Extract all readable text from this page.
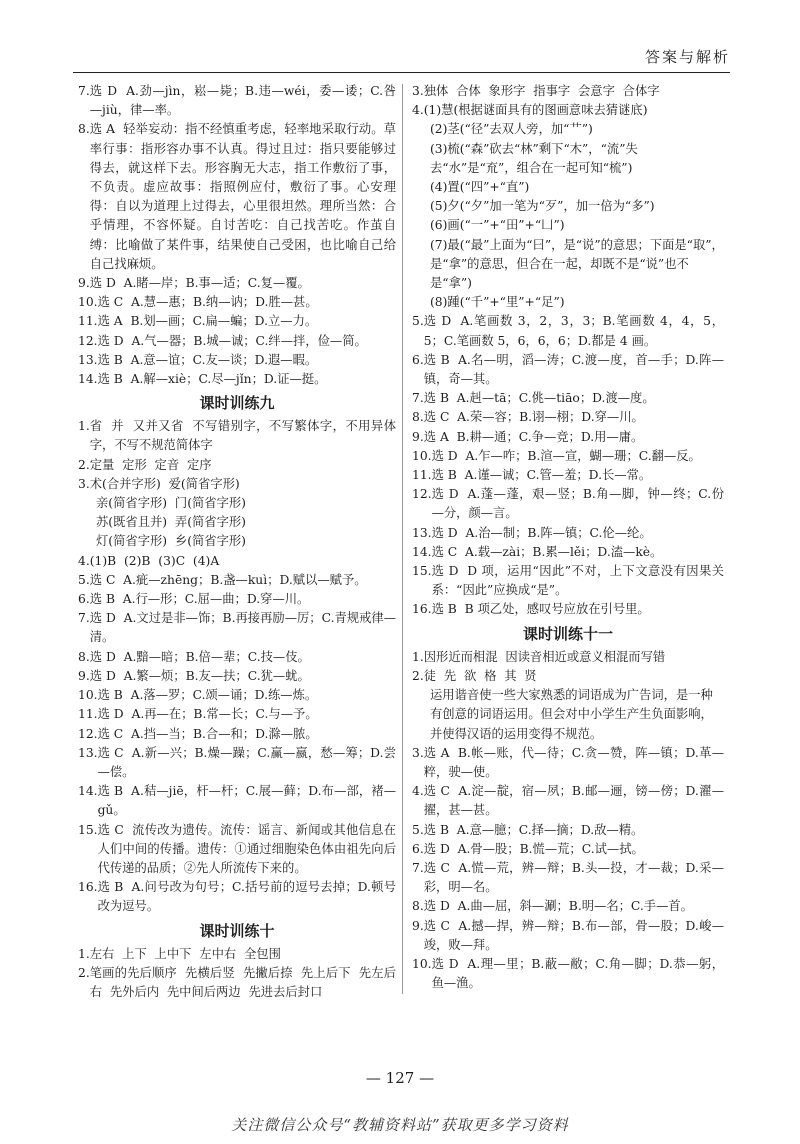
答案与解析
7. 选 D  A.劲—jìn，崧—毙；B.违—wéi，委—诿；C.咎—jiù，律—率。
8. 选 A  轻举妄动：指不经慎重考虑，轻率地采取行动。草率行事：指形容办事不认真。得过且过：指只要能够过得去，就这样下去。形容胸无大志，指工作敷衍了事，不负责。虚应故事：指照例应付，敷衍了事。心安理得：自以为道理上过得去，心里很坦然。理所当然：合乎情理，不容怀疑。自讨苦吃：自己找苦吃。作茧自缚：比喻做了某件事，结果使自己受困，也比喻自己给自己找麻烦。
9. 选 D  A.睹—岸；B.事—适；C.复—覆。
10. 选 C  A.慧—惠；B.纳—讷；D.胜—甚。
11. 选 A  B.划—画；C.扁—蝙；D.立—力。
12. 选 D  A.气—器；B.城—诚；C.绊—拌，俭—简。
13. 选 B  A.意—谊；C.友—谈；D.遐—暇。
14. 选 B  A.解—xiè；C.尽—jǐn；D.证—挺。
课时训练九
1. 省  并  又并又省  不写错别字，不写繁体字，不用异体字，不写不规范简体字
2. 定量  定形  定音  定序
3. 术(合并字形)  爱(简省字形)
亲(简省字形)  门(简省字形)
苏(既省且并)  弄(简省字形)
灯(简省字形)  乡(简省字形)
4. (1)B  (2)B  (3)C  (4)A
5. 选 C  A.疵—zhēng；B.盏—kuì；D.赋以—赋予。
6. 选 B  A.行—形；C.屈—曲；D.穿—川。
7. 选 D  A.文过是非—饰；B.再接再励—厉；C.青规戒律—清。
8. 选 D  A.黯—暗；B.倍—辈；C.技—伎。
9. 选 D  A.繁—烦；B.友—扶；C.犹—蚘。
10. 选 B  A.落—罗；C.颂—诵；D.练—炼。
11. 选 D  A.再—在；B.常—长；C.与—予。
12. 选 C  A.挡—当；B.合—和；D.滁—脓。
13. 选 C  A.新—兴；B.燥—躁；C.赢—嬴，愁—筹；D.尝—偿。
14. 选 B  A.秸—jiē，杆—杆；C.展—藓；D.布—部，褚—gǔ。
15. 选 C  流传改为遗传。流传：谣言、新闻或其他信息在人们中间的传播。遗传：①通过细胞染色体由祖先向后代传递的品质；②先人所流传下来的。
16. 选 B  A.问号改为句号；C.括号前的逗号去掉；D.顿号改为逗号。
课时训练十
1. 左右  上下  上中下  左中右  全包围
2. 笔画的先后顺序  先横后竖  先撇后捺  先上后下  先左后右  先外后内  先中间后两边  先进去后封口
3. 独体  合体  象形字  指事字  会意字  合体字
4. (1)慧(根据谜面具有的图画意味去猜谜底)
(2)茎(“径”去双人旁，加“艹”)
(3)梳(“森”砍去“林”剩下“木”，“流”失去“水”是“㐬”，组合在一起可知“梳”)
(4)置(“四”+“直”)
(5)夕(“夕”加一笔为“歹”，加一倍为“多”)
(6)画(“一”+“田”+“凵”)
(7)最(“最”上面为“曰”，是“说”的意思；下面是“取”，是“拿”的意思，但合在一起，却既不是“说”也不是“拿”)
(8)踵(“千”+“里”+“足”)
5. 选 D  A.笔画数 3，2，3，3；B.笔画数 4，4，5，5；C.笔画数 5，6，6，6；D.都是 4 画。
6. 选 B  A.名—明，滔—涛；C.渡—度，首—手；D.阵—镇，奇—其。
7. 选 B  A.赳—tā；C.佻—tiāo；D.渡—度。
8. 选 C  A.荣—容；B.诩—栩；D.穿—川。
9. 选 A  B.耕—通；C.争—竞；D.用—庸。
10. 选 D  A.乍—咋；B.渲—宣，蝴—珊；C.翻—反。
11. 选 B  A.谨—诚；C.管—羞；D.长—常。
12. 选 D  A.蓬—蓬，艰—竖；B.角—脚，钟—终；C.份—分，颜—言。
13. 选 D  A.治—制；B.阵—镇；C.伦—纶。
14. 选 C  A.载—zài；B.累—lěi；D.溘—kè。
15. 选 D  D 项，运用“因此”不对，上下文意没有因果关系：“因此”应换成“是”。
16. 选 B  B 项乙处，感叹号应放在引号里。
课时训练十一
1. 因形近而相混  因读音相近或意义相混而写错
2. 徒  先  欲  格  其  贤
运用谐音使一些大家熟悉的词语成为广告词，是一种有创意的词语运用。但会对中小学生产生负面影响，并使得汉语的运用变得不规范。
3. 选 A  B.帐—账，代—待；C.贪—赞，阵—镇；D.革—粹，驶—使。
4. 选 C  A.淀—靛，宿—夙；B.邮—逦，镑—傍；D.濯—擢，甚—甚。
5. 选 B  A.意—臆；C.择—摘；D.敌—精。
6. 选 D  A.骨—股；B.慌—荒；C.试—拭。
7. 选 C  A.慌—荒，辨—辩；B.头—投，才—裁；D.采—彩，明—名。
8. 选 D  A.曲—屈，斜—涮；B.明—名；C.手—首。
9. 选 C  A.撼—捍，辨—辩；B.布—部，骨—股；D.峻—竣，败—拜。
10. 选 D  A.理—里；B.蔽—敝；C.角—脚；D.恭—躬，鱼—渔。
— 127 —
关注微信公众号“教辅资料站”获取更多学习资料
